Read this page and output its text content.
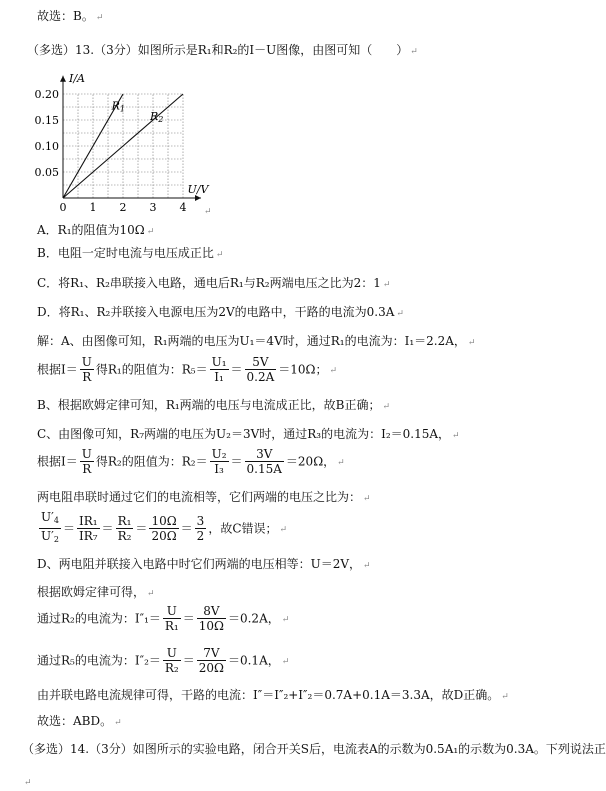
故选：B。 ↵
（多选）13.（3分）如图所示是R₁和R₂的I－U图像，由图可知（　　） ↵
0 1 2 3 4
0.05
0.10
0.15
0.20
I/A
U/V
R1
R2
↵
A．R₁的阻值为10Ω ↵
B．电阻一定时电流与电压成正比 ↵
C．将R₁、R₂串联接入电路，通电后R₁与R₂两端电压之比为2：1 ↵
D．将R₁、R₂并联接入电源电压为2V的电路中，干路的电流为0.3A ↵
解：A、由图像可知，R₁两端的电压为U₁＝4V时，通过R₁的电流为：I₁＝2.2A， ↵
根据$I= \frac{U}{R}$ 得R₁的阻值为：$R_5= \frac{\text{U₁}}{\text{I₁}} = \frac{5V}{0.2A} =10\Omega$； ↵
B、根据欧姆定律可知，R₁两端的电压与电流成正比，故B正确； ↵
C、由图像可知，R₇两端的电压为U₂＝3V时，通过R₃的电流为：I₂＝0.15A， ↵
根据$I= \frac{U}{R}$ 得R₂的阻值为：$R_2= \frac{\text{U₂}}{\text{I₃}} = \frac{3V}{0.15A} =20\Omega$， ↵
两电阻串联时通过它们的电流相等，它们两端的电压之比为： ↵
$\frac{U'_4}{U'_2} = \frac{\text{IR₁}}{\text{IR₇}} = \frac{\text{R₁}}{\text{R₂}} = \frac{10\Omega}{20\Omega} = \frac{3}{2}$ ，故C错误； ↵
D、两电阻并联接入电路中时它们两端的电压相等：U＝2V， ↵
根据欧姆定律可得， ↵
通过R₂的电流为：$I''_1= \frac{U}{\text{R₁}} = \frac{8V}{10\Omega} =0.2A$， ↵
通过R₅的电流为：$I''_2= \frac{U}{\text{R₂}} = \frac{7V}{20\Omega} =0.1A$， ↵
由并联电路电流规律可得，干路的电流：I″＝I″₂+I″₂＝0.7A+0.1A＝3.3A，故D正确。 ↵
故选：ABD。 ↵
（多选）14.（3分）如图所示的实验电路，闭合开关S后，电流表A的示数为0.5A₁的示数为0.3A。下列说法正
↵
